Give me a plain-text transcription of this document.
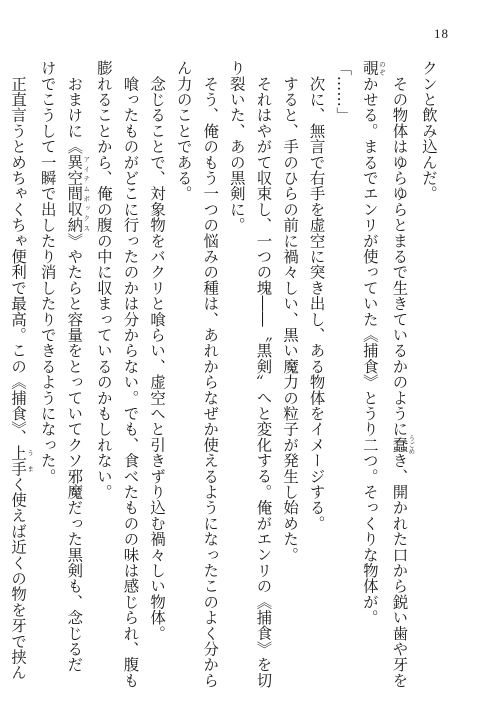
18
クンと飲み込んだ。
　その物体はゆらゆらとまるで生きているかのように蠢 うごめき、開かれた口から鋭い歯や牙を
覗 のぞかせる。まるでエンリが使っていた《捕食》とうり二つ。そっくりな物体が。
「……」
　次に、無言で右手を虚空に突き出し、ある物体をイメージする。
　すると、手のひらの前に禍々しい、黒い魔力の粒子が発生し始めた。
　それはやがて収束し、一つの塊――〝黒剣〟へと変化する。俺がエンリの《捕食》を切
り裂いた、あの黒剣に。
　そう、俺のもう一つの悩みの種は、あれからなぜか使えるようになったこのよく分から
ん力のことである。
　念じることで、対象物をバクリと喰らい、虚空へと引きずり込む禍々しい物体。
　喰ったものがどこに行ったのかは分からない。でも、食べたものの味は感じられ、腹も
膨れることから、俺の腹の中に収まっているのかもしれない。
　おまけに《異空間収納 アイテムボックス》やたらと容量をとっていてクソ邪魔だった黒剣も、念じるだ
けでこうして一瞬で出したり消したりできるようになった。
　正直言うとめちゃくちゃ便利で最高。この《捕食》、上手 うまく使えば近くの物を牙で挟ん
